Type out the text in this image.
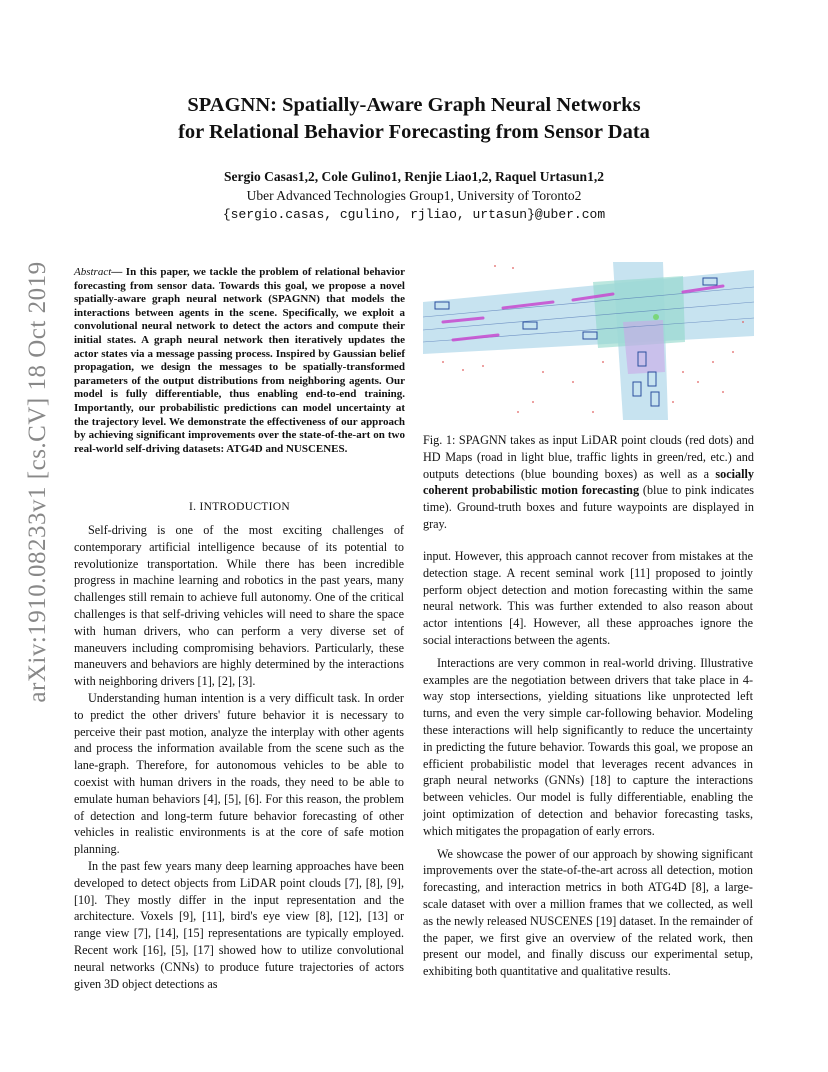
SPAGNN: Spatially-Aware Graph Neural Networks
for Relational Behavior Forecasting from Sensor Data
Sergio Casas1,2, Cole Gulino1, Renjie Liao1,2, Raquel Urtasun1,2
Uber Advanced Technologies Group1, University of Toronto2
{sergio.casas, cgulino, rjliao, urtasun}@uber.com
arXiv:1910.08233v1 [cs.CV] 18 Oct 2019 Abstract— In this paper, we tackle the problem of relational behavior forecasting from sensor data. Towards this goal, we propose a novel spatially-aware graph neural network (SPAGNN) that models the interactions between agents in the scene. Specifically, we exploit a convolutional neural network to detect the actors and compute their initial states. A graph neural network then iteratively updates the actor states via a message passing process. Inspired by Gaussian belief propagation, we design the messages to be spatially-transformed parameters of the output distributions from neighboring agents. Our model is fully differentiable, thus enabling end-to-end training. Importantly, our probabilistic predictions can model uncertainty at the trajectory level. We demonstrate the effectiveness of our approach by achieving significant improvements over the state-of-the-art on two real-world self-driving datasets: ATG4D and NUSCENES.
I. INTRODUCTION

Self-driving is one of the most exciting challenges of contemporary artificial intelligence because of its potential to revolutionize transportation. While there has been incredible progress in machine learning and robotics in the past years, many challenges still remain to achieve full autonomy. One of the critical challenges is that self-driving vehicles will need to share the space with human drivers, who can perform a very diverse set of maneuvers including compromising behaviors. Particularly, these maneuvers and behaviors are highly determined by the interactions with neighboring drivers [1], [2], [3].

Understanding human intention is a very difficult task. In order to predict the other drivers' future behavior it is necessary to perceive their past motion, analyze the interplay with other agents and process the information available from the scene such as the lane-graph. Therefore, for autonomous vehicles to be able to coexist with human drivers in the roads, they need to be able to emulate human behaviors [4], [5], [6]. For this reason, the problem of detection and long-term future behavior forecasting of other vehicles in realistic environments is at the core of safe motion planning.

In the past few years many deep learning approaches have been developed to detect objects from LiDAR point clouds [7], [8], [9], [10]. They mostly differ in the input representation and the architecture. Voxels [9], [11], bird's eye view [8], [12], [13] or range view [7], [14], [15] representations are typically employed. Recent work [16], [5], [17] showed how to utilize convolutional neural networks (CNNs) to produce future trajectories of actors given 3D object detections as

Fig. 1: SPAGNN takes as input LiDAR point clouds (red dots) and HD Maps (road in light blue, traffic lights in green/red, etc.) and outputs detections (blue bounding boxes) as well as a socially coherent probabilistic motion forecasting (blue to pink indicates time). Ground-truth boxes and future waypoints are displayed in gray.

input. However, this approach cannot recover from mistakes at the detection stage. A recent seminal work [11] proposed to jointly perform object detection and motion forecasting within the same neural network. This was further extended to also reason about actor intentions [4]. However, all these approaches ignore the social interactions between the agents.

Interactions are very common in real-world driving. Illustrative examples are the negotiation between drivers that take place in 4-way stop intersections, yielding situations like unprotected left turns, and even the very simple car-following behavior. Modeling these interactions will help significantly to reduce the uncertainty in predicting the future behavior. Towards this goal, we propose an efficient probabilistic model that leverages recent advances in graph neural networks (GNNs) [18] to capture the interactions between vehicles. Our model is fully differentiable, enabling the joint optimization of detection and behavior forecasting tasks, which mitigates the propagation of early errors.

We showcase the power of our approach by showing significant improvements over the state-of-the-art across all detection, motion forecasting, and interaction metrics in both ATG4D [8], a large-scale dataset with over a million frames that we collected, as well as the newly released NUSCENES [19] dataset. In the remainder of the paper, we first give an overview of the related work, then present our model, and finally discuss our experimental setup, exhibiting both quantitative and qualitative results.
